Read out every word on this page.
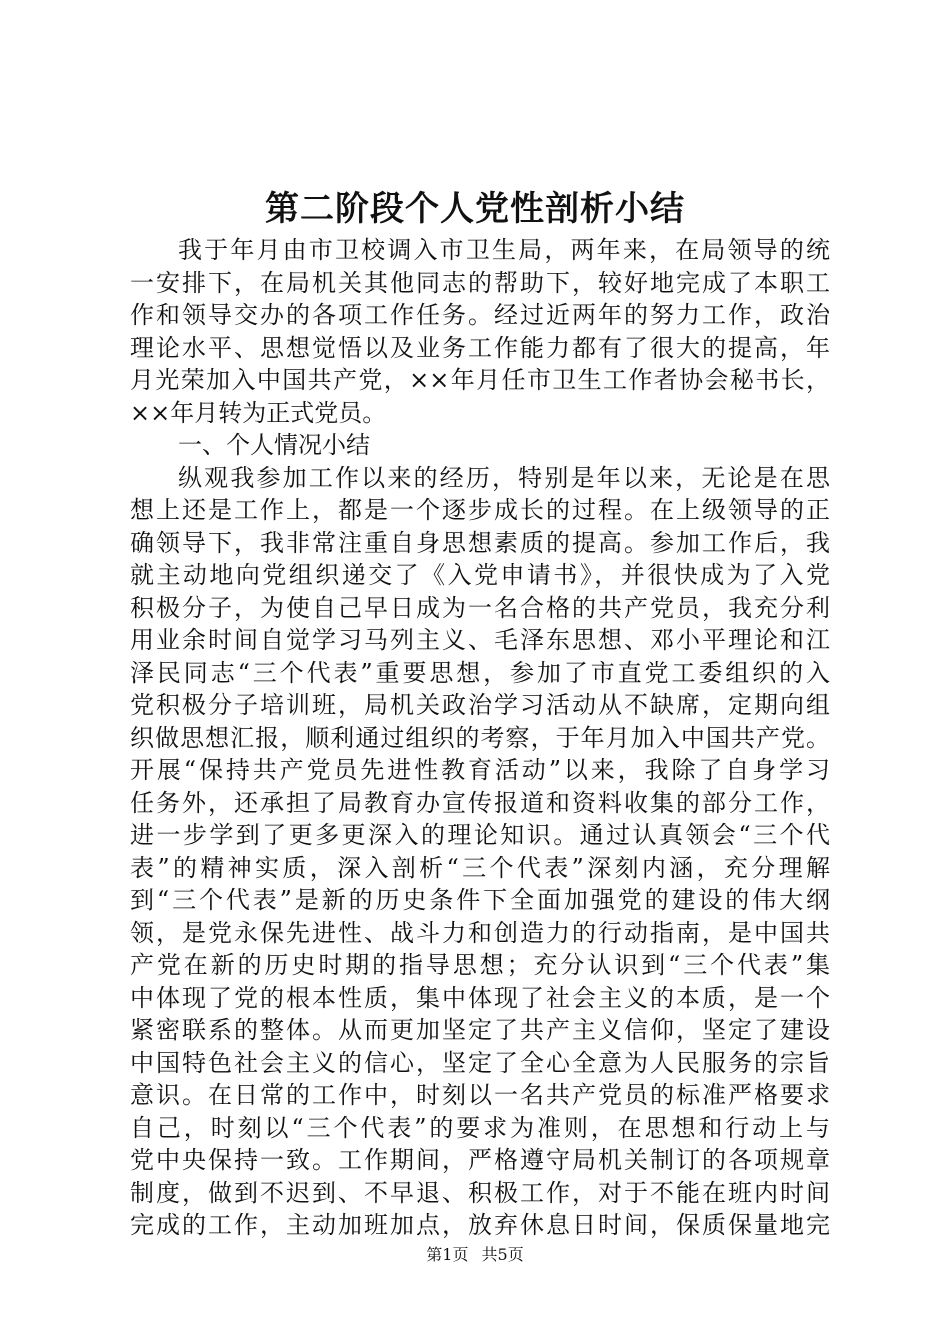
第二阶段个人党性剖析小结
我于年月由市卫校调入市卫生局，两年来，在局领导的统
一安排下，在局机关其他同志的帮助下，较好地完成了本职工
作和领导交办的各项工作任务。经过近两年的努力工作，政治
理论水平、思想觉悟以及业务工作能力都有了很大的提高，年
月光荣加入中国共产党，××年月任市卫生工作者协会秘书长，
××年月转为正式党员。
一、个人情况小结
纵观我参加工作以来的经历，特别是年以来，无论是在思
想上还是工作上，都是一个逐步成长的过程。在上级领导的正
确领导下，我非常注重自身思想素质的提高。参加工作后，我
就主动地向党组织递交了《入党申请书》，并很快成为了入党
积极分子，为使自己早日成为一名合格的共产党员，我充分利
用业余时间自觉学习马列主义、毛泽东思想、邓小平理论和江
泽民同志“三个代表”重要思想，参加了市直党工委组织的入
党积极分子培训班，局机关政治学习活动从不缺席，定期向组
织做思想汇报，顺利通过组织的考察，于年月加入中国共产党。
开展“保持共产党员先进性教育活动”以来，我除了自身学习
任务外，还承担了局教育办宣传报道和资料收集的部分工作，
进一步学到了更多更深入的理论知识。通过认真领会“三个代
表”的精神实质，深入剖析“三个代表”深刻内涵，充分理解
到“三个代表”是新的历史条件下全面加强党的建设的伟大纲
领，是党永保先进性、战斗力和创造力的行动指南，是中国共
产党在新的历史时期的指导思想；充分认识到“三个代表”集
中体现了党的根本性质，集中体现了社会主义的本质，是一个
紧密联系的整体。从而更加坚定了共产主义信仰，坚定了建设
中国特色社会主义的信心，坚定了全心全意为人民服务的宗旨
意识。在日常的工作中，时刻以一名共产党员的标准严格要求
自己，时刻以“三个代表”的要求为准则，在思想和行动上与
党中央保持一致。工作期间，严格遵守局机关制订的各项规章
制度，做到不迟到、不早退、积极工作，对于不能在班内时间
完成的工作，主动加班加点，放弃休息日时间，保质保量地完
第1页 共5页
